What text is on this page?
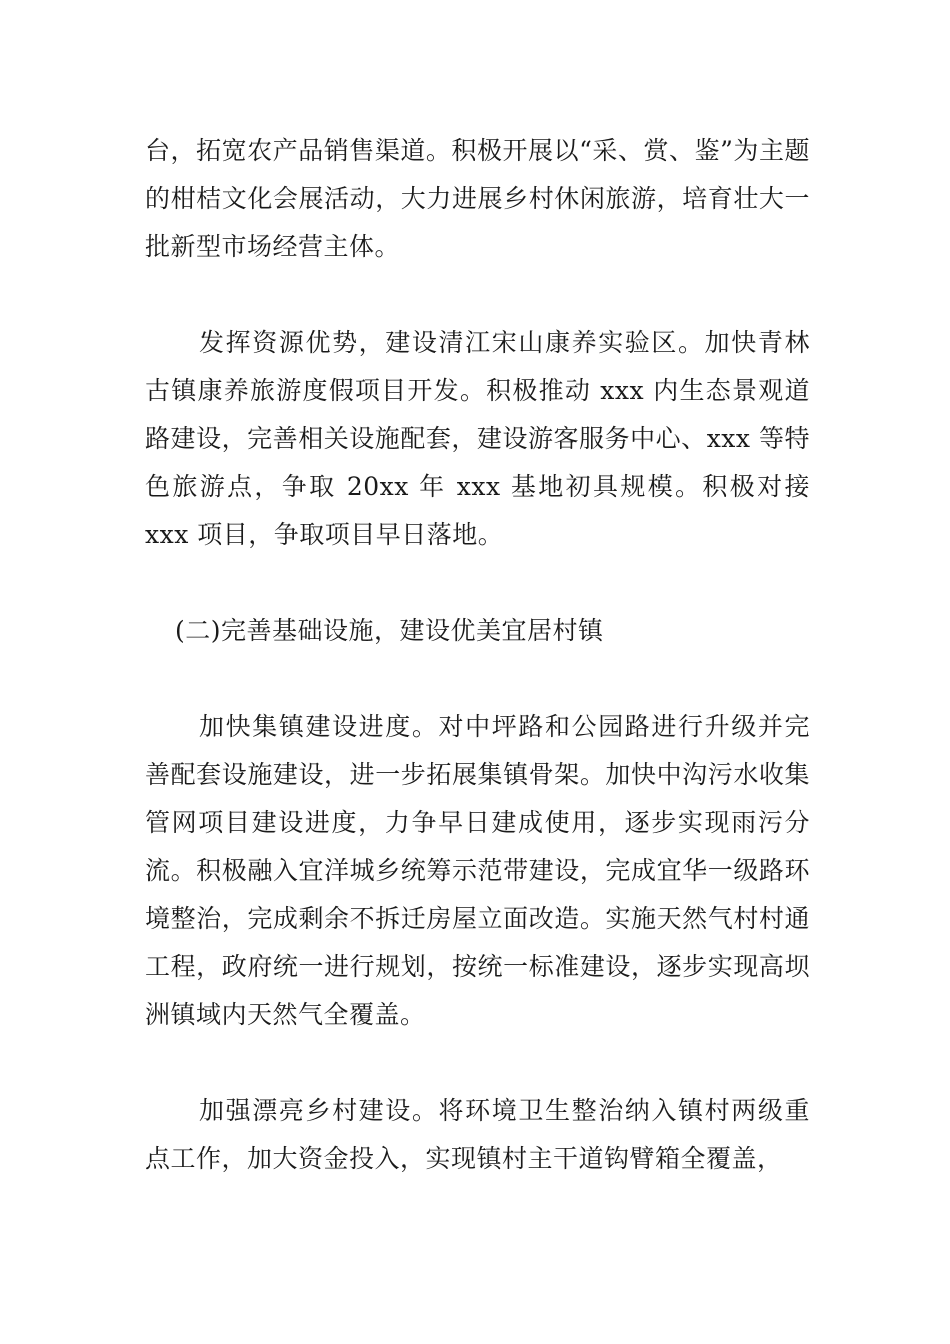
台，拓宽农产品销售渠道。积极开展以“采、赏、鉴”为主题的柑桔文化会展活动，大力进展乡村休闲旅游，培育壮大一批新型市场经营主体。

发挥资源优势，建设清江宋山康养实验区。加快青林古镇康养旅游度假项目开发。积极推动 xxx 内生态景观道路建设，完善相关设施配套，建设游客服务中心、xxx 等特色旅游点，争取 20xx 年 xxx 基地初具规模。积极对接 xxx 项目，争取项目早日落地。

(二)完善基础设施，建设优美宜居村镇

加快集镇建设进度。对中坪路和公园路进行升级并完善配套设施建设，进一步拓展集镇骨架。加快中沟污水收集管网项目建设进度，力争早日建成使用，逐步实现雨污分流。积极融入宜洋城乡统筹示范带建设，完成宜华一级路环境整治，完成剩余不拆迁房屋立面改造。实施天然气村村通工程，政府统一进行规划，按统一标准建设，逐步实现高坝洲镇域内天然气全覆盖。

加强漂亮乡村建设。将环境卫生整治纳入镇村两级重点工作，加大资金投入，实现镇村主干道钩臂箱全覆盖，
